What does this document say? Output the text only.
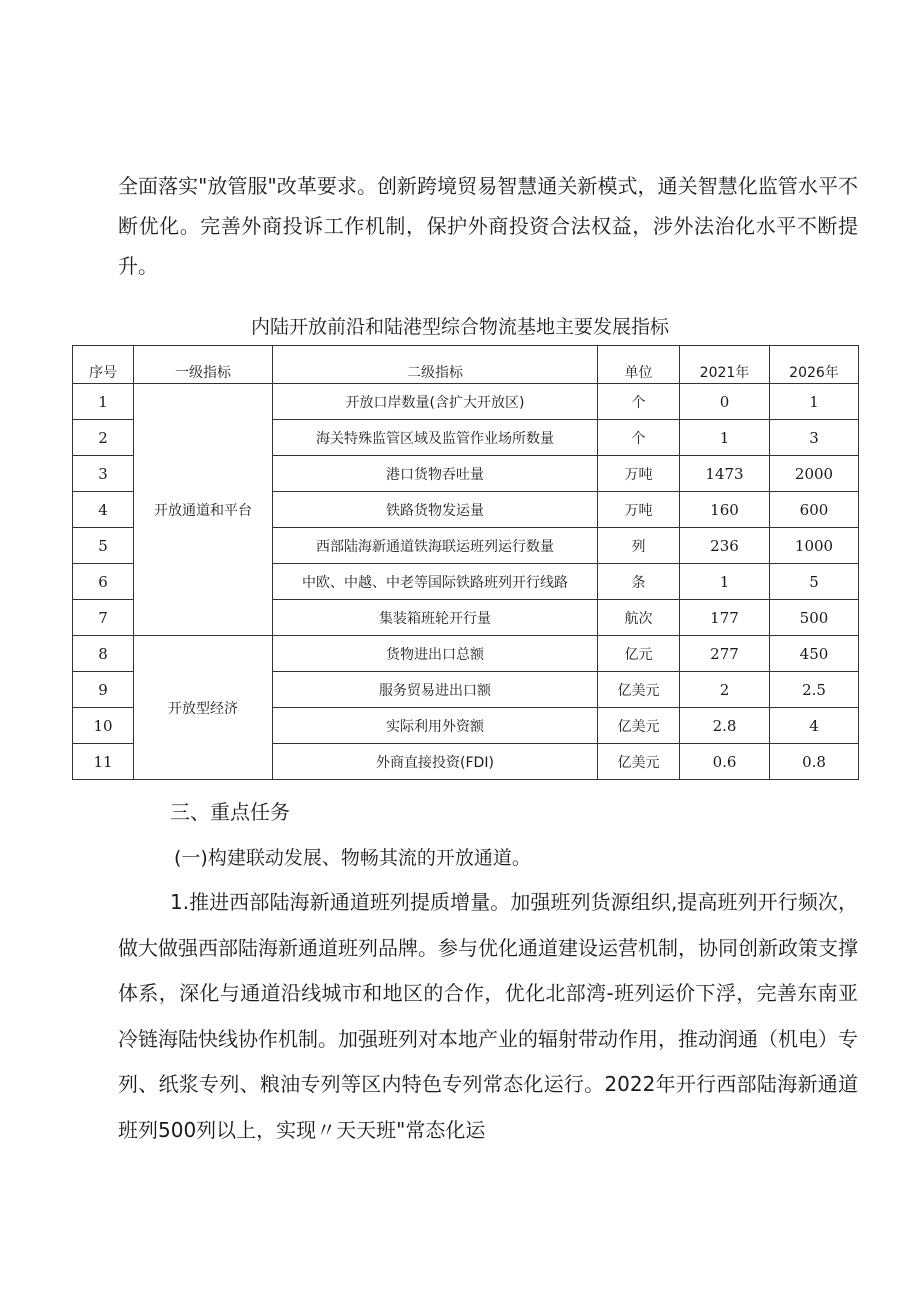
全面落实"放管服"改革要求。创新跨境贸易智慧通关新模式，通关智慧化监管水平不断优化。完善外商投诉工作机制，保护外商投资合法权益，涉外法治化水平不断提升。

内陆开放前沿和陆港型综合物流基地主要发展指标

序号	一级指标	二级指标	单位	2021年	2026年
1	开放通道和平台	开放口岸数量(含扩大开放区)	个	0	1
2		海关特殊监管区域及监管作业场所数量	个	1	3
3		港口货物吞吐量	万吨	1473	2000
4		铁路货物发运量	万吨	160	600
5		西部陆海新通道铁海联运班列运行数量	列	236	1000
6		中欧、中越、中老等国际铁路班列开行线路	条	1	5
7		集装箱班轮开行量	航次	177	500
8	开放型经济	货物进出口总额	亿元	277	450
9		服务贸易进出口额	亿美元	2	2.5
10		实际利用外资额	亿美元	2.8	4
11		外商直接投资(FDI)	亿美元	0.6	0.8

三、重点任务

(一)构建联动发展、物畅其流的开放通道。

1.推进西部陆海新通道班列提质增量。加强班列货源组织,提高班列开行频次，做大做强西部陆海新通道班列品牌。参与优化通道建设运营机制，协同创新政策支撑体系，深化与通道沿线城市和地区的合作，优化北部湾-班列运价下浮，完善东南亚冷链海陆快线协作机制。加强班列对本地产业的辐射带动作用，推动润通（机电）专列、纸浆专列、粮油专列等区内特色专列常态化运行。2022年开行西部陆海新通道班列500列以上，实现〃天天班"常态化运
